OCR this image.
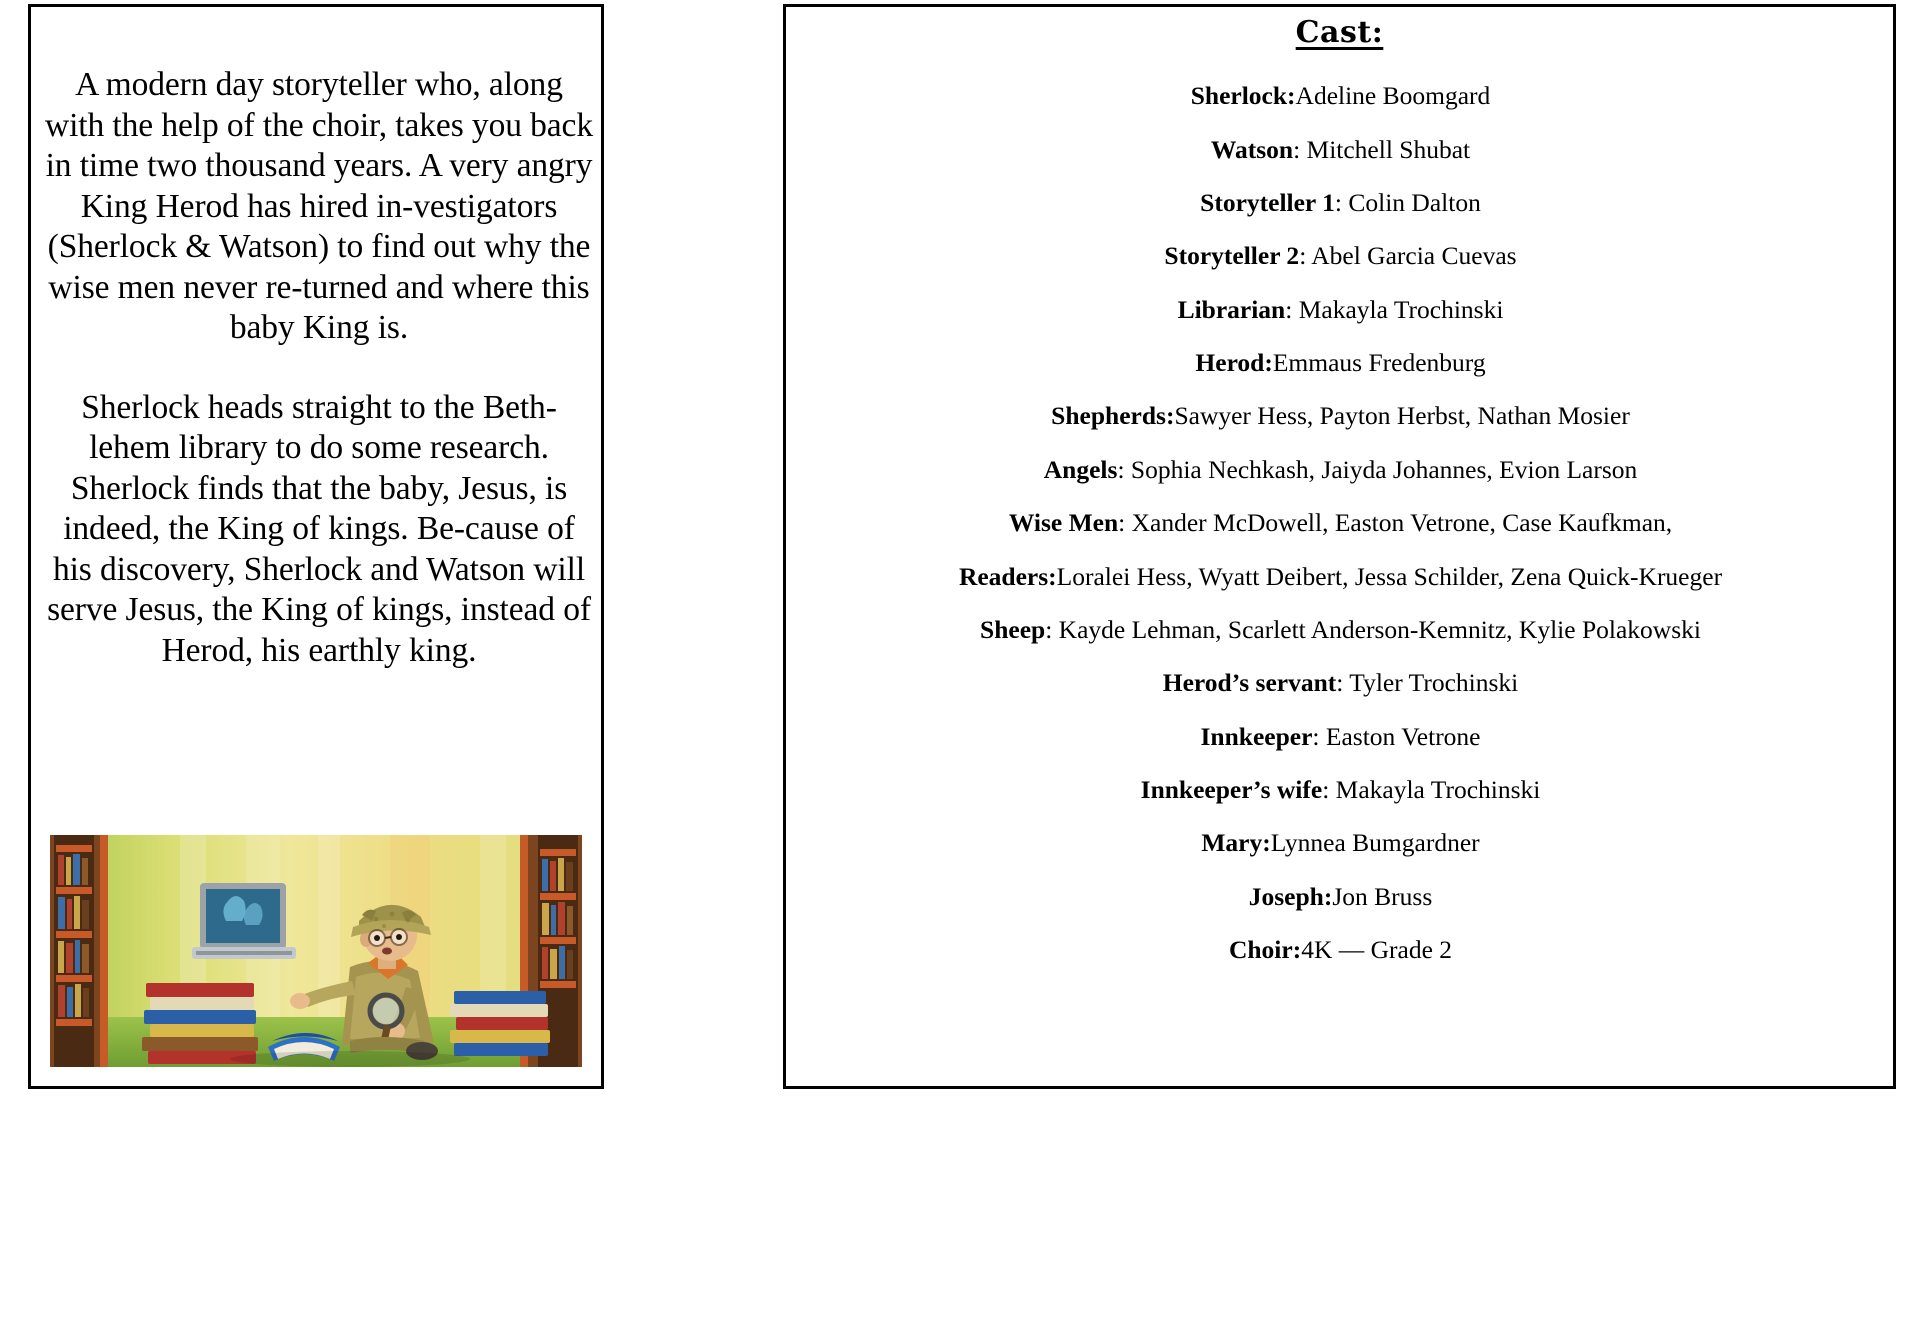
A modern day storyteller who, along with the help of the choir, takes you back in time two thousand years. A very angry King Herod has hired in-vestigators (Sherlock & Watson) to find out why the wise men never re-turned and where this baby King is.

Sherlock heads straight to the Beth-lehem library to do some research. Sherlock finds that the baby, Jesus, is indeed, the King of kings. Be-cause of his discovery, Sherlock and Watson will serve Jesus, the King of kings, instead of Herod, his earthly king.

Cast:
Sherlock:Adeline Boomgard
Watson: Mitchell Shubat
Storyteller 1: Colin Dalton
Storyteller 2: Abel Garcia Cuevas
Librarian: Makayla Trochinski
Herod:Emmaus Fredenburg
Shepherds:Sawyer Hess, Payton Herbst, Nathan Mosier
Angels: Sophia Nechkash, Jaiyda Johannes, Evion Larson
Wise Men: Xander McDowell, Easton Vetrone, Case Kaufkman,
Readers:Loralei Hess, Wyatt Deibert, Jessa Schilder, Zena Quick-Krueger
Sheep: Kayde Lehman, Scarlett Anderson-Kemnitz, Kylie Polakowski
Herod’s servant: Tyler Trochinski
Innkeeper: Easton Vetrone
Innkeeper’s wife: Makayla Trochinski
Mary:Lynnea Bumgardner
Joseph:Jon Bruss
Choir:4K — Grade 2
